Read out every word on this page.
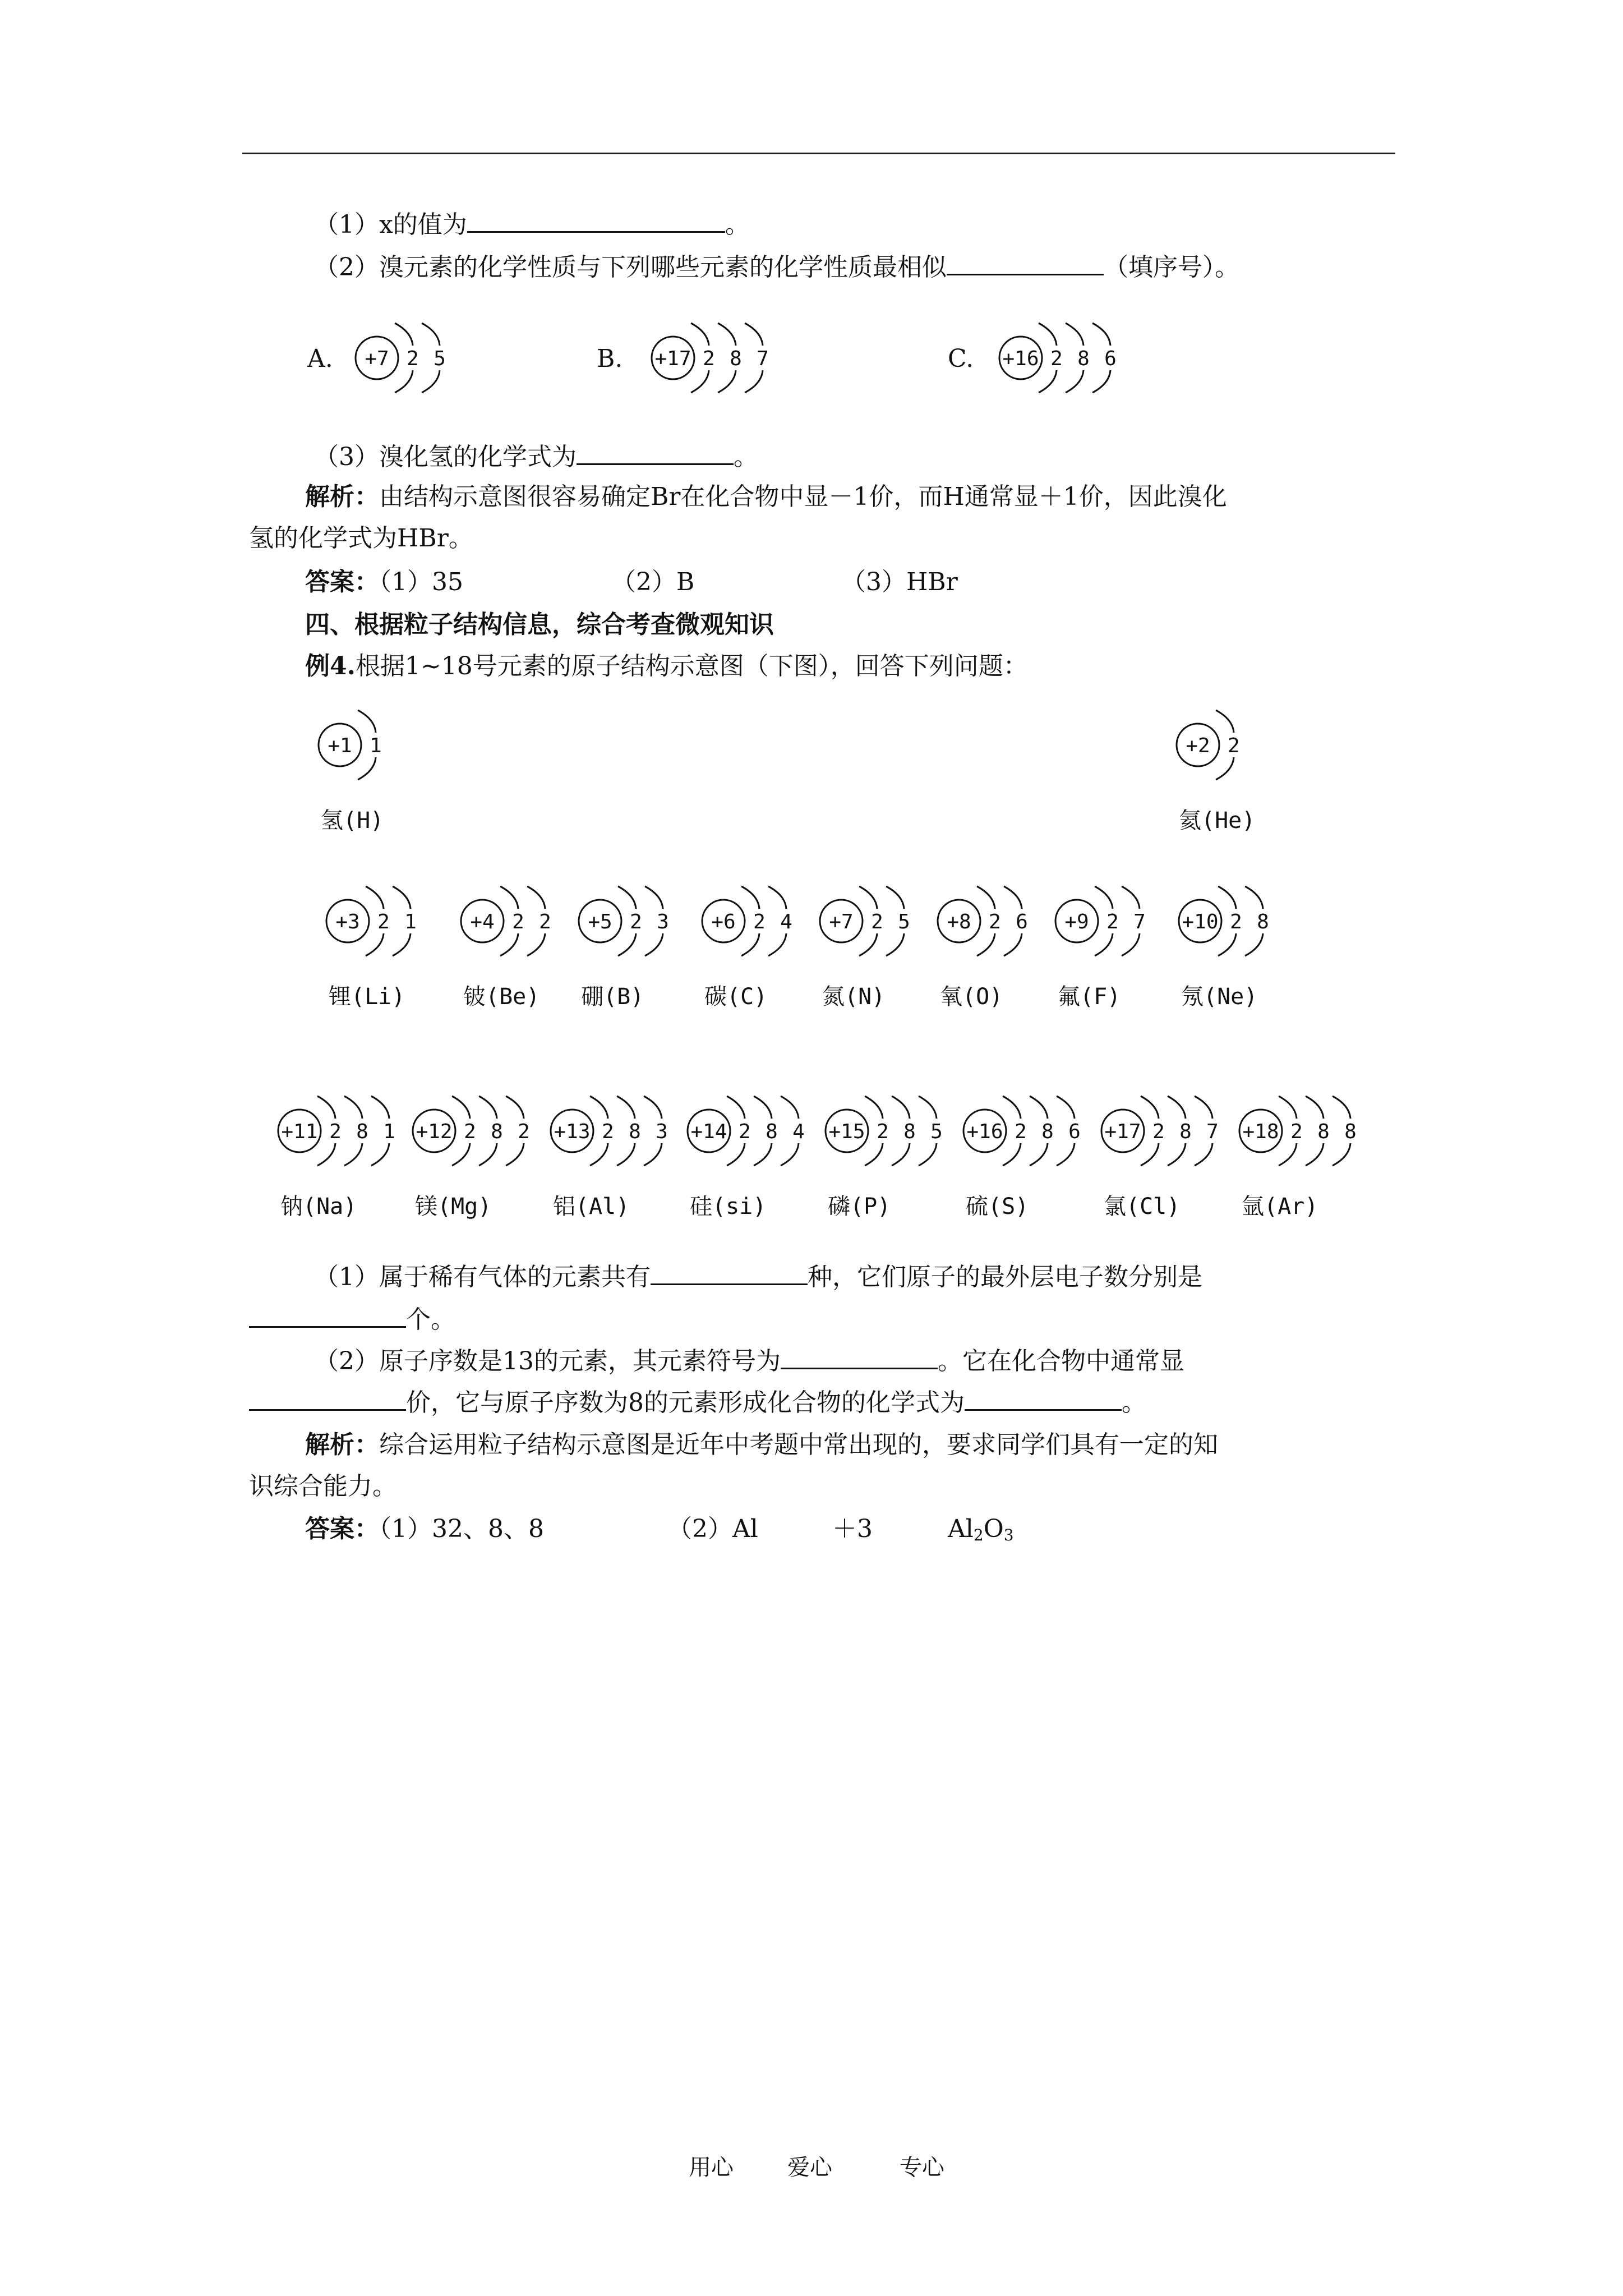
（1）x的值为	。
（2）溴元素的化学性质与下列哪些元素的化学性质最相似	（填序号）。
A.	B.	C.
+7 2 5	+17 2 8 7	+16 2 8 6
（3）溴化氢的化学式为	。
解析：由结构示意图很容易确定Br在化合物中显－1价，而H通常显＋1价，因此溴化
氢的化学式为HBr。
答案：（1）35	（2）B	（3）HBr
四、根据粒子结构信息，综合考查微观知识
例4.根据1~18号元素的原子结构示意图（下图），回答下列问题：
+1 1
氢(H)
+2 2
氦(He)
+3 2 1
锂(Li)
+4 2 2
铍(Be)
+5 2 3
硼(B)
+6 2 4
碳(C)
+7 2 5
氮(N)
+8 2 6
氧(O)
+9 2 7
氟(F)
+10 2 8
氖(Ne)
+11 2 8 1
钠(Na)
+12 2 8 2
镁(Mg)
+13 2 8 3
铝(Al)
+14 2 8 4
硅(si)
+15 2 8 5
磷(P)
+16 2 8 6
硫(S)
+17 2 8 7
氯(Cl)
+18 2 8 8
氩(Ar)
（1）属于稀有气体的元素共有	种，它们原子的最外层电子数分别是
个。
（2）原子序数是13的元素，其元素符号为	。它在化合物中通常显
价，它与原子序数为8的元素形成化合物的化学式为	。
解析：综合运用粒子结构示意图是近年中考题中常出现的，要求同学们具有一定的知
识综合能力。
答案：（1）32、8、8	（2）Al	＋3	$Al_2O_3$
用心 爱心	专心
